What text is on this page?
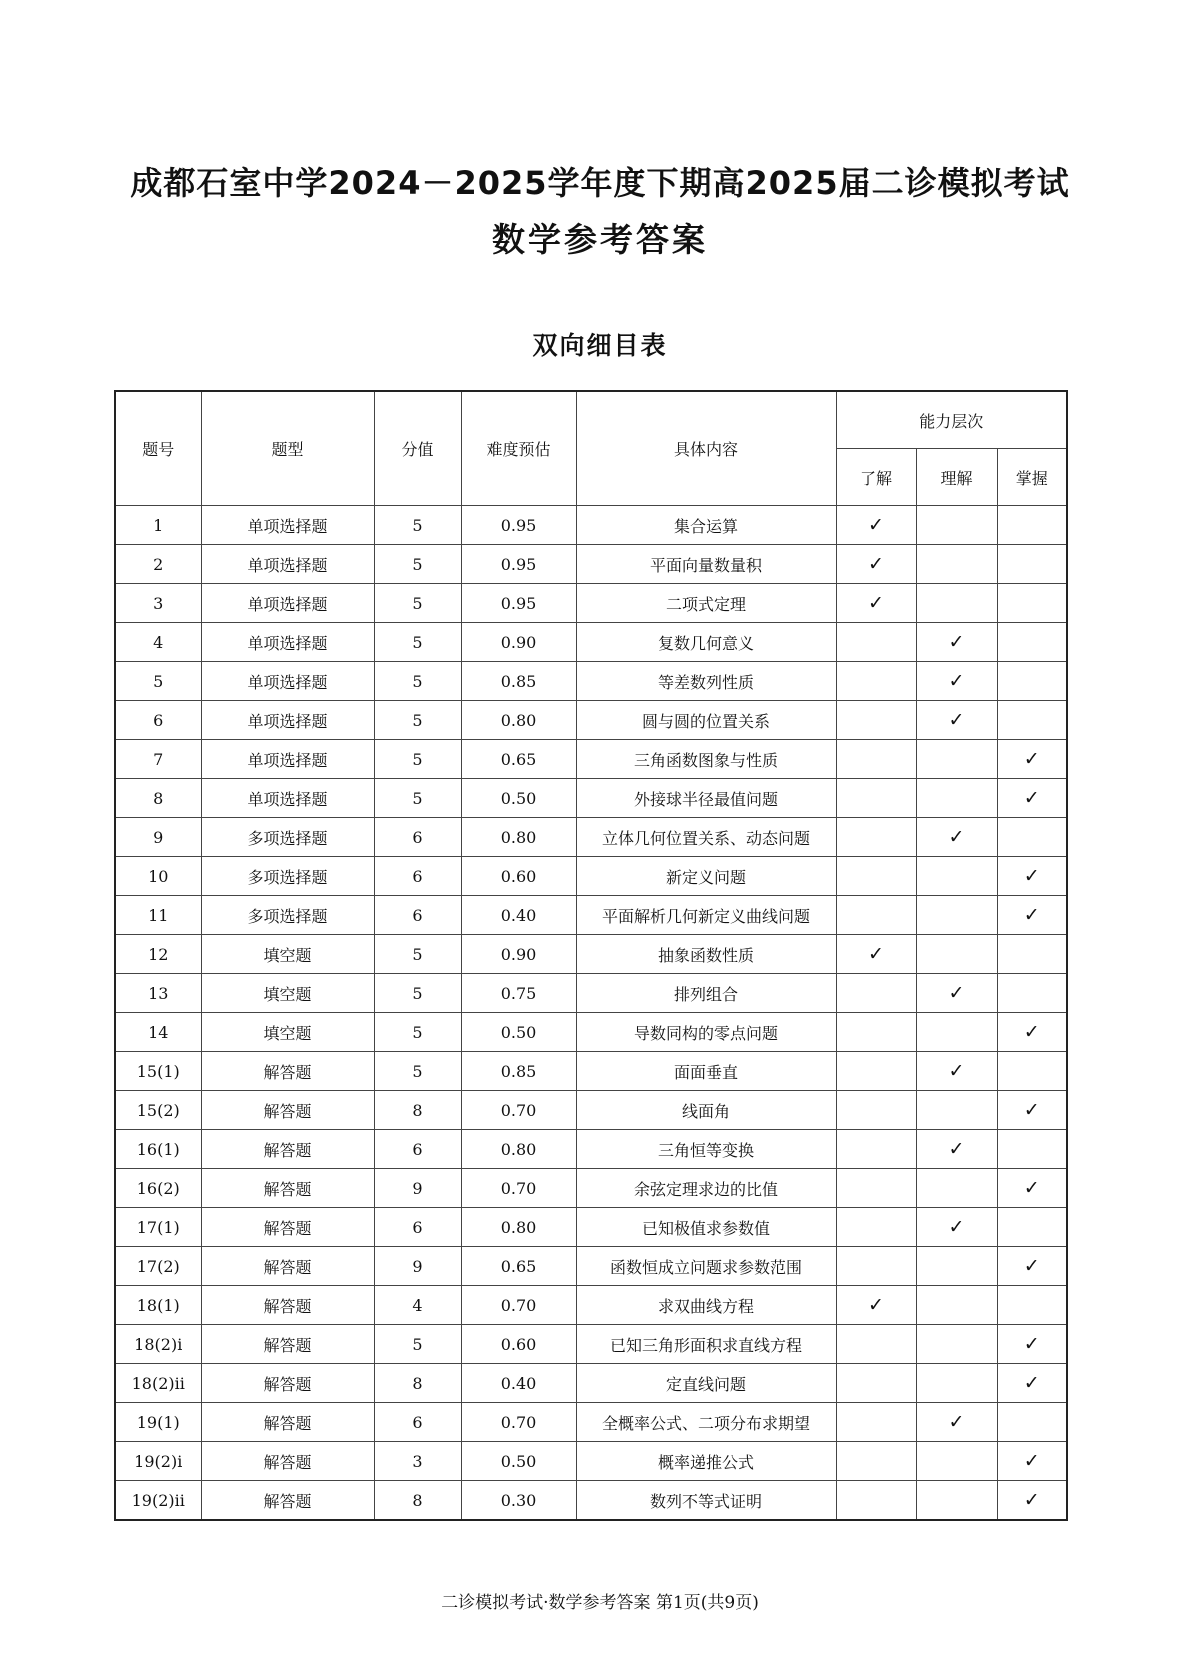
成都石室中学2024－2025学年度下期高2025届二诊模拟考试
数学参考答案
双向细目表
题号	题型	分值	难度预估	具体内容	能力层次		
					了解	理解	掌握
1	单项选择题	5	0.95	集合运算	✓		
2	单项选择题	5	0.95	平面向量数量积	✓		
3	单项选择题	5	0.95	二项式定理	✓		
4	单项选择题	5	0.90	复数几何意义		✓	
5	单项选择题	5	0.85	等差数列性质		✓	
6	单项选择题	5	0.80	圆与圆的位置关系		✓	
7	单项选择题	5	0.65	三角函数图象与性质			✓
8	单项选择题	5	0.50	外接球半径最值问题			✓
9	多项选择题	6	0.80	立体几何位置关系、动态问题		✓	
10	多项选择题	6	0.60	新定义问题			✓
11	多项选择题	6	0.40	平面解析几何新定义曲线问题			✓
12	填空题	5	0.90	抽象函数性质	✓		
13	填空题	5	0.75	排列组合		✓	
14	填空题	5	0.50	导数同构的零点问题			✓
15(1)	解答题	5	0.85	面面垂直		✓	
15(2)	解答题	8	0.70	线面角			✓
16(1)	解答题	6	0.80	三角恒等变换		✓	
16(2)	解答题	9	0.70	余弦定理求边的比值			✓
17(1)	解答题	6	0.80	已知极值求参数值		✓	
17(2)	解答题	9	0.65	函数恒成立问题求参数范围			✓
18(1)	解答题	4	0.70	求双曲线方程	✓		
18(2)ⅰ	解答题	5	0.60	已知三角形面积求直线方程			✓
18(2)ⅱ	解答题	8	0.40	定直线问题			✓
19(1)	解答题	6	0.70	全概率公式、二项分布求期望		✓	
19(2)ⅰ	解答题	3	0.50	概率递推公式			✓
19(2)ⅱ	解答题	8	0.30	数列不等式证明			✓
二诊模拟考试·数学参考答案 第1页(共9页)
